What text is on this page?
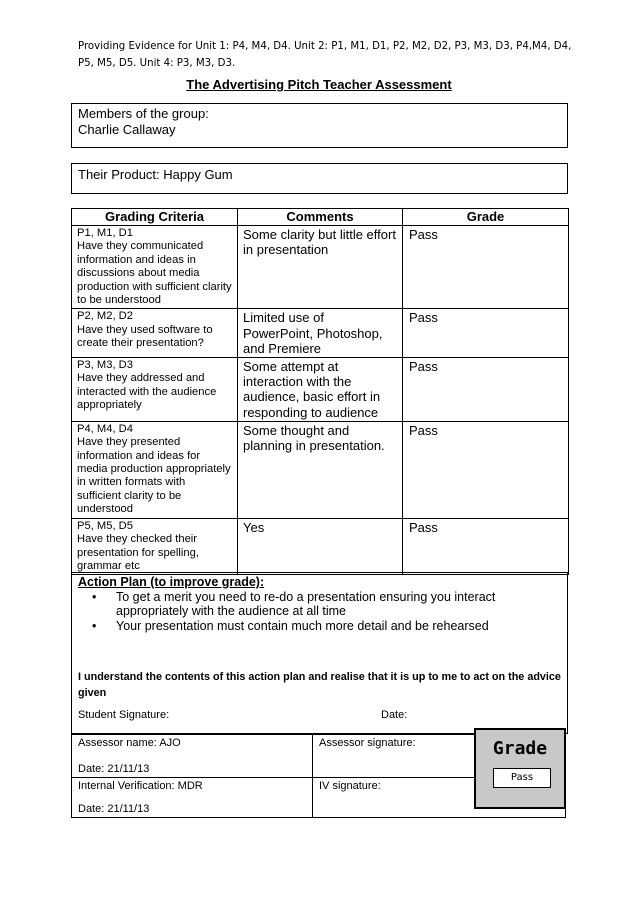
Providing Evidence for Unit 1: P4, M4, D4. Unit 2: P1, M1, D1, P2, M2, D2, P3, M3, D3, P4,M4, D4, P5, M5, D5. Unit 4: P3, M3, D3.
The Advertising Pitch Teacher Assessment
Members of the group:
Charlie Callaway
Their Product: Happy Gum
Grading Criteria	Comments	Grade

P1, M1, D1
Have they communicated information and ideas in discussions about media production with sufficient clarity to be understood	Some clarity but little effort in presentation	Pass

P2, M2, D2
Have they used software to create their presentation?	Limited use of PowerPoint, Photoshop, and Premiere	Pass

P3, M3, D3
Have they addressed and interacted with the audience appropriately	Some attempt at interaction with the audience, basic effort in responding to audience	Pass

P4, M4, D4
Have they presented information and ideas for media production appropriately in written formats with sufficient clarity to be understood	Some thought and planning in presentation.	Pass

P5, M5, D5
Have they checked their presentation for spelling, grammar etc	Yes	Pass
Action Plan (to improve grade):
• To get a merit you need to re-do a presentation ensuring you interact appropriately with the audience at all time
• Your presentation must contain much more detail and be rehearsed
I understand the contents of this action plan and realise that it is up to me to act on the advice given
Student Signature:	Date:
Assessor name: AJO
Date: 21/11/13	Assessor signature:

Internal Verification: MDR
Date: 21/11/13	IV signature:
Grade
Pass
